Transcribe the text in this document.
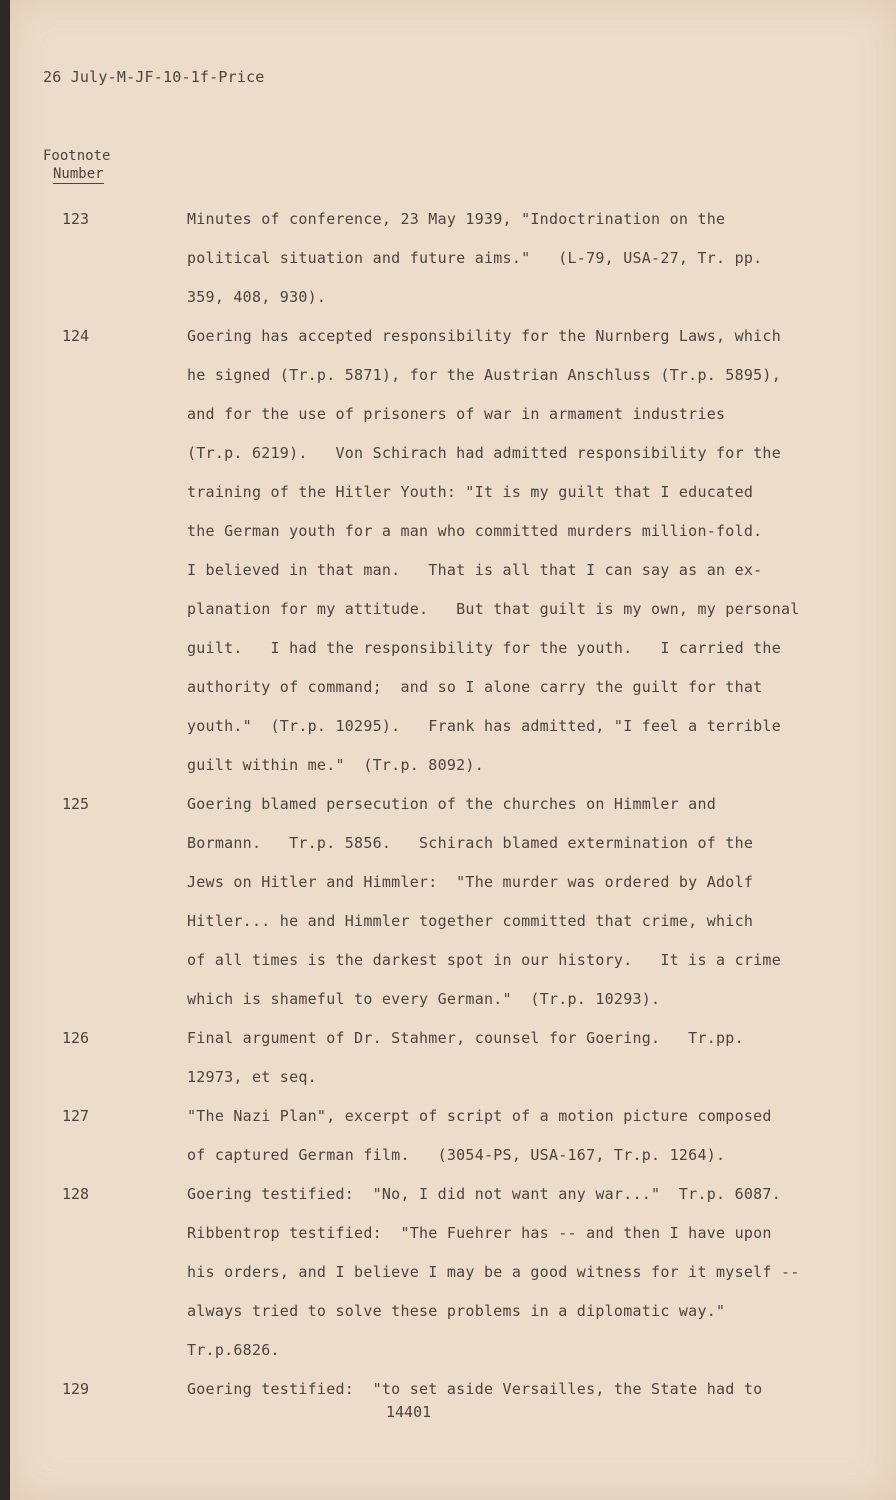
26 July-M-JF-10-1f-Price
Footnote
Number
123	Minutes of conference, 23 May 1939, "Indoctrination on the
political situation and future aims."   (L-79, USA-27, Tr. pp.
359, 408, 930).
124	Goering has accepted responsibility for the Nurnberg Laws, which
he signed (Tr.p. 5871), for the Austrian Anschluss (Tr.p. 5895),
and for the use of prisoners of war in armament industries
(Tr.p. 6219).   Von Schirach had admitted responsibility for the
training of the Hitler Youth: "It is my guilt that I educated
the German youth for a man who committed murders million-fold.
I believed in that man.   That is all that I can say as an ex-
planation for my attitude.   But that guilt is my own, my personal
guilt.   I had the responsibility for the youth.   I carried the
authority of command;  and so I alone carry the guilt for that
youth."  (Tr.p. 10295).   Frank has admitted, "I feel a terrible
guilt within me."  (Tr.p. 8092).
125	Goering blamed persecution of the churches on Himmler and
Bormann.   Tr.p. 5856.   Schirach blamed extermination of the
Jews on Hitler and Himmler:  "The murder was ordered by Adolf
Hitler... he and Himmler together committed that crime, which
of all times is the darkest spot in our history.   It is a crime
which is shameful to every German."  (Tr.p. 10293).
126	Final argument of Dr. Stahmer, counsel for Goering.   Tr.pp.
12973, et seq.
127	"The Nazi Plan", excerpt of script of a motion picture composed
of captured German film.   (3054-PS, USA-167, Tr.p. 1264).
128	Goering testified:  "No, I did not want any war..."  Tr.p. 6087.
Ribbentrop testified:  "The Fuehrer has -- and then I have upon
his orders, and I believe I may be a good witness for it myself --
always tried to solve these problems in a diplomatic way."
Tr.p.6826.
129	Goering testified:  "to set aside Versailles, the State had to
14401
